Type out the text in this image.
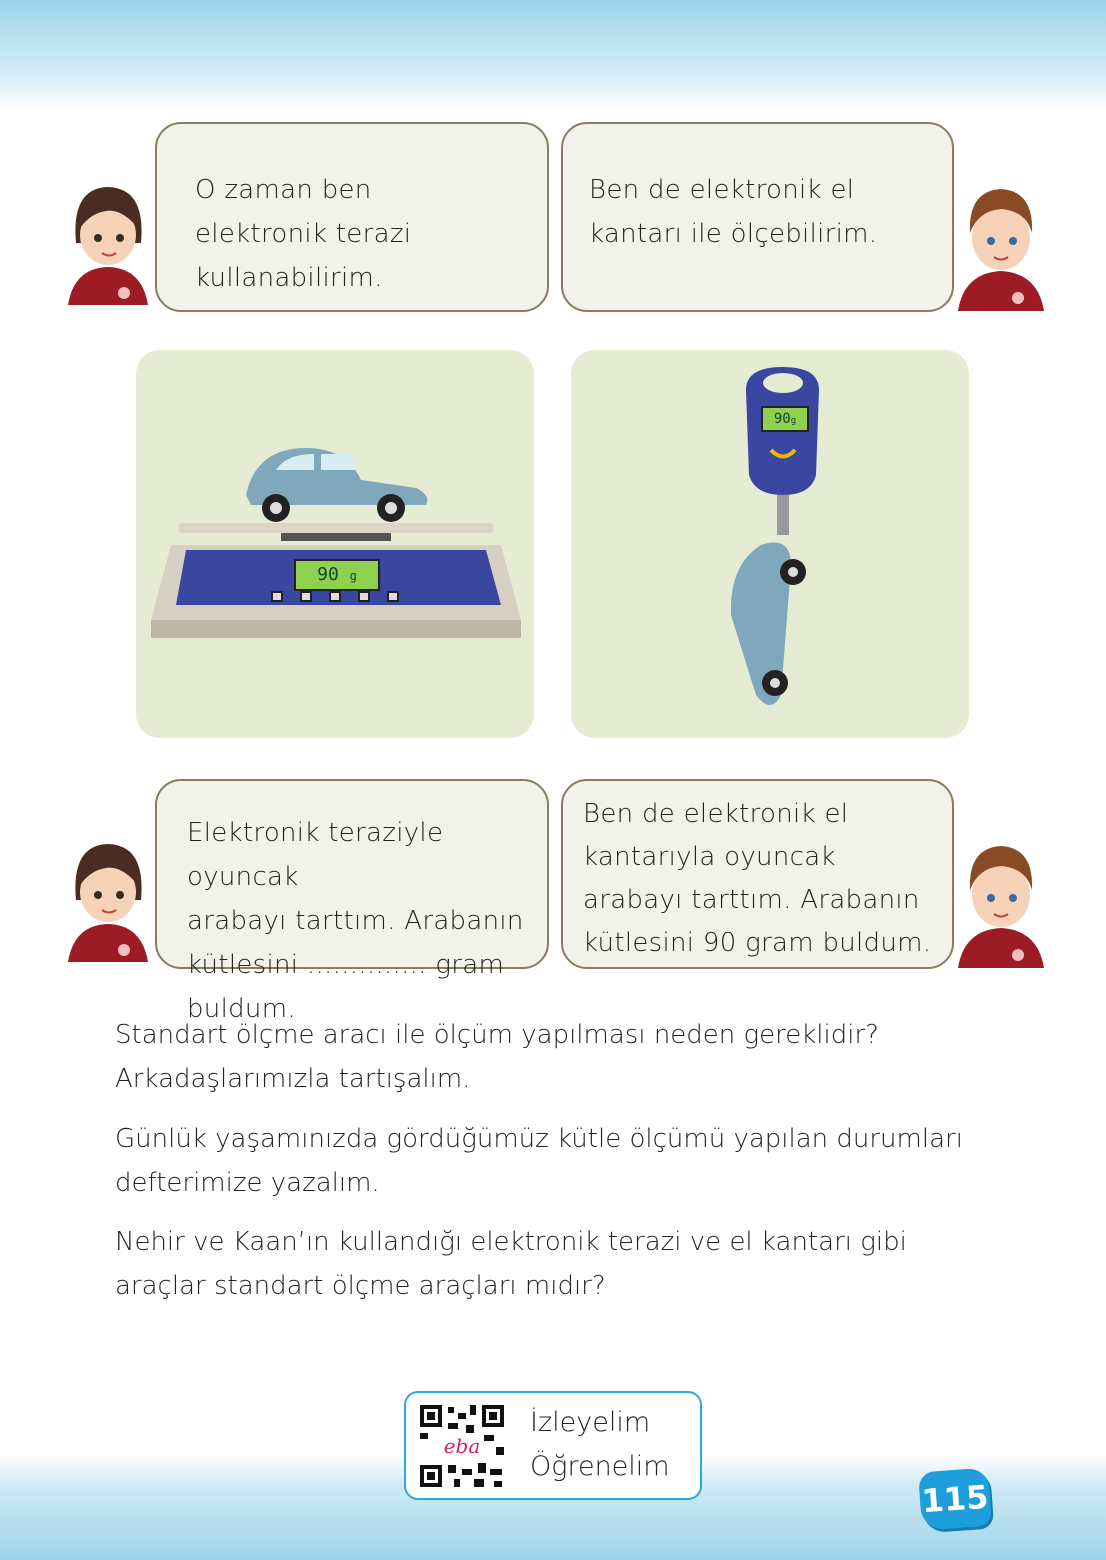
O zaman ben elektronik terazi kullanabilirim.

Ben de elektronik el kantarı ile ölçebilirim.

90 g
90g

Elektronik teraziyle oyuncak

arabayı tarttım. Arabanın

kütlesini .............. gram buldum.

Ben de elektronik el kantarıyla oyuncak arabayı tarttım. Arabanın kütlesini 90 gram buldum.

Standart ölçme aracı ile ölçüm yapılması neden gereklidir? Arkadaşlarımızla tartışalım.

Günlük yaşamınızda gördüğümüz kütle ölçümü yapılan durumları defterimize yazalım.

Nehir ve Kaan’ın kullandığı elektronik terazi ve el kantarı gibi araçlar standart ölçme araçları mıdır?

eba
İzleyelim
Öğrenelim
115
